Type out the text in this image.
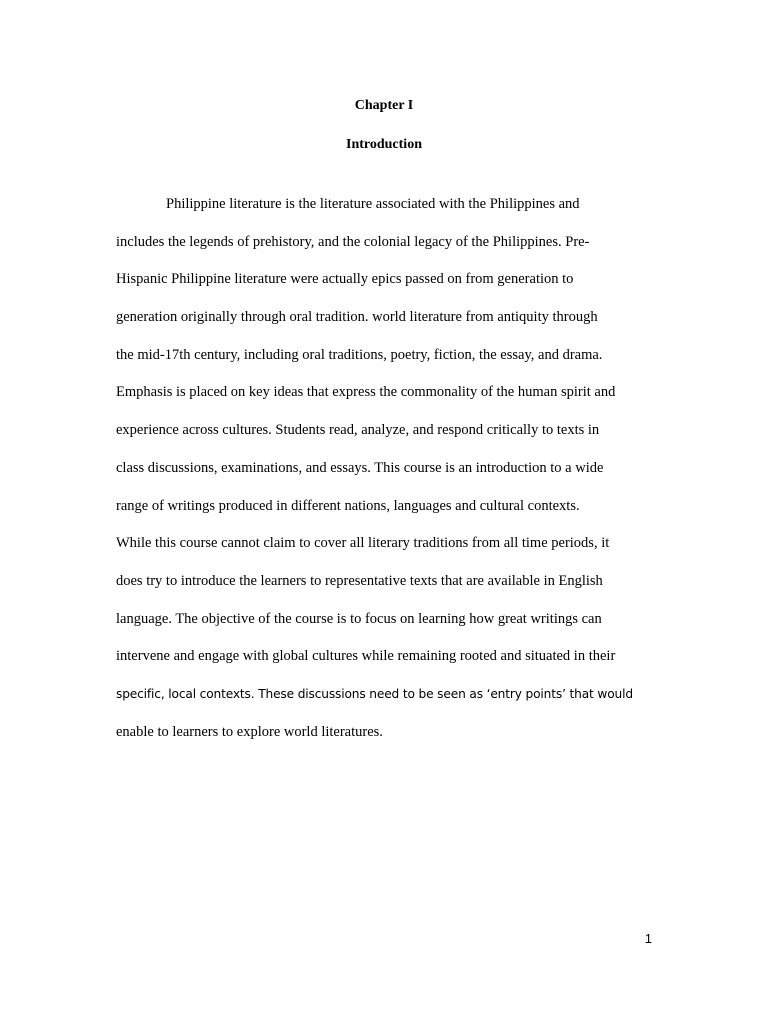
Chapter I
Introduction
Philippine literature is the literature associated with the Philippines and
includes the legends of prehistory, and the colonial legacy of the Philippines. Pre-
Hispanic Philippine literature were actually epics passed on from generation to
generation originally through oral tradition. world literature from antiquity through
the mid-17th century, including oral traditions, poetry, fiction, the essay, and drama.
Emphasis is placed on key ideas that express the commonality of the human spirit and
experience across cultures. Students read, analyze, and respond critically to texts in
class discussions, examinations, and essays. This course is an introduction to a wide
range of writings produced in different nations, languages and cultural contexts.
While this course cannot claim to cover all literary traditions from all time periods, it
does try to introduce the learners to representative texts that are available in English
language. The objective of the course is to focus on learning how great writings can
intervene and engage with global cultures while remaining rooted and situated in their
specific, local contexts. These discussions need to be seen as ‘entry points’ that would
enable to learners to explore world literatures.
1
